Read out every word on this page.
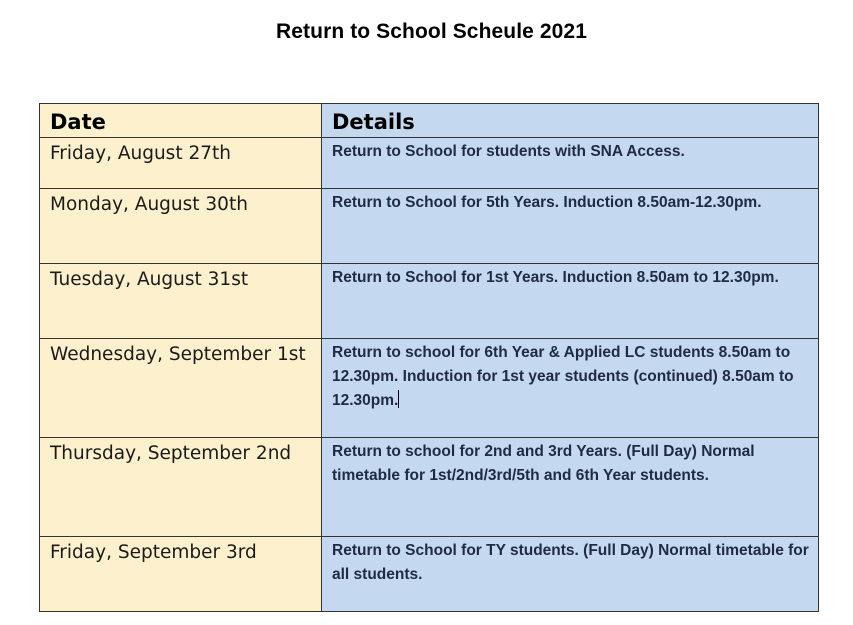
Return to School Scheule 2021
Date	Details
Friday, August 27th	Return to School for students with SNA Access.
Monday, August 30th	Return to School for 5th Years. Induction 8.50am-12.30pm.
Tuesday, August 31st	Return to School for 1st Years. Induction 8.50am to 12.30pm.
Wednesday, September 1st	Return to school for 6th Year & Applied LC students 8.50am to 12.30pm. Induction for 1st year students (continued) 8.50am to 12.30pm.
Thursday, September 2nd	Return to school for 2nd and 3rd Years. (Full Day) Normal timetable for 1st/2nd/3rd/5th and 6th Year students.
Friday, September 3rd	Return to School for TY students. (Full Day) Normal timetable for all students.
